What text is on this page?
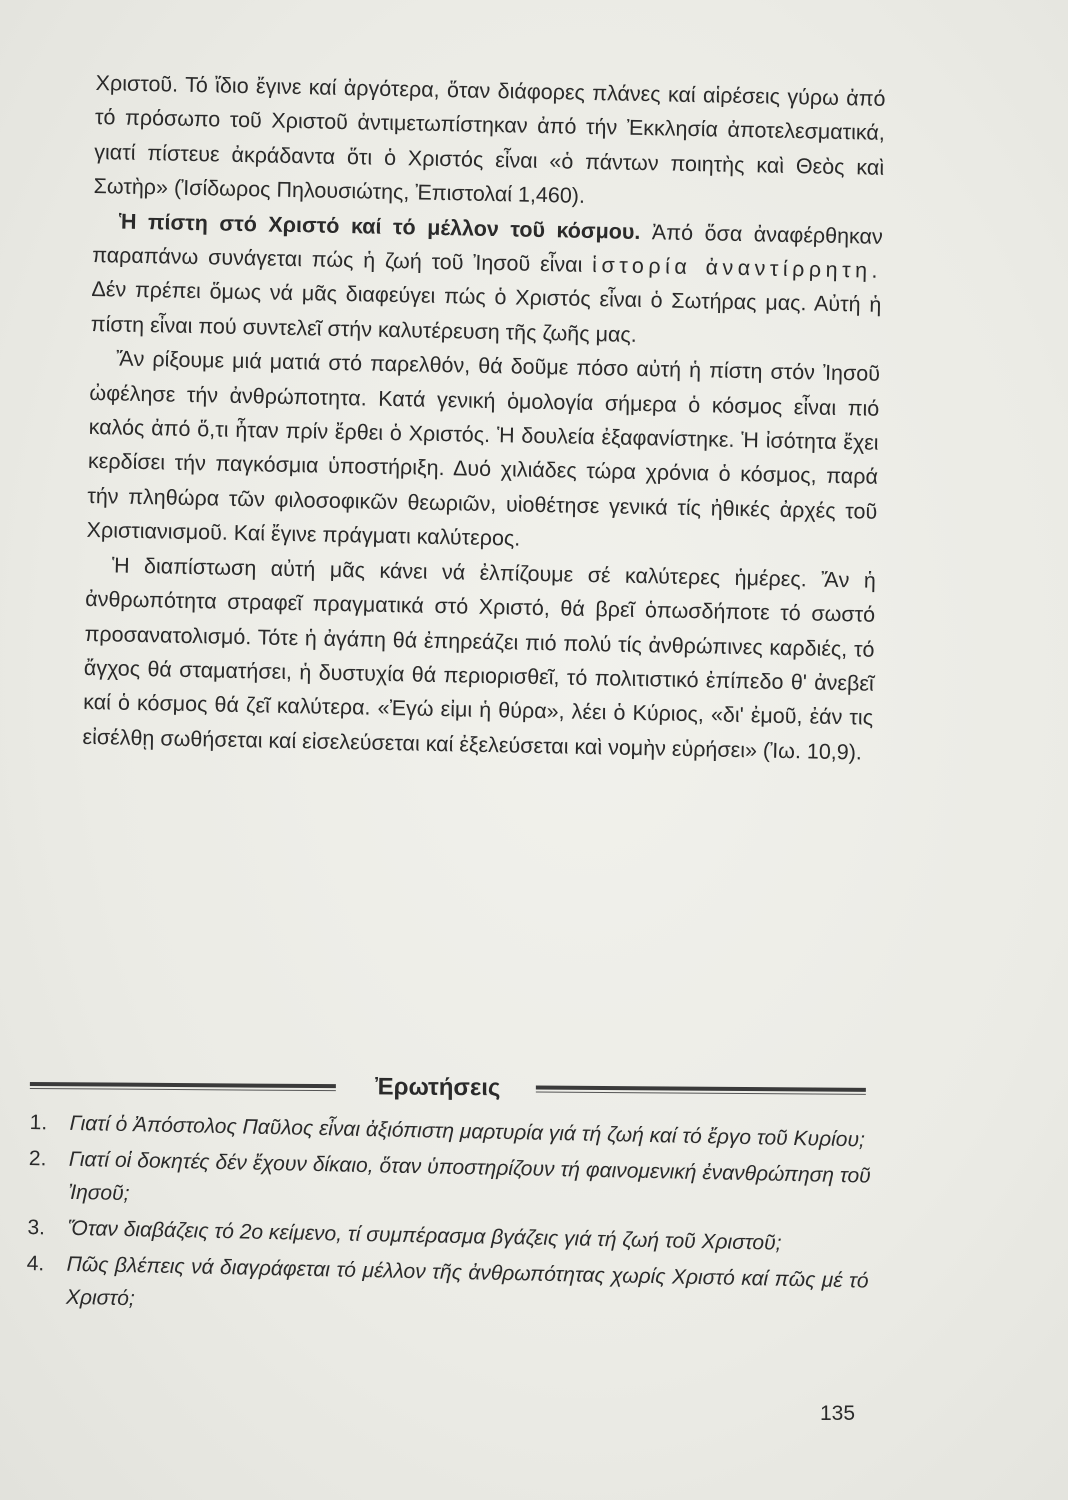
Χριστοῦ. Τό ἴδιο ἔγινε καί ἀργότερα, ὅταν διάφορες πλάνες καί αἱρέσεις γύρω ἀπό τό πρόσωπο τοῦ Χριστοῦ ἀντιμετωπίστηκαν ἀπό τήν Ἐκκλησία ἀποτελεσματικά, γιατί πίστευε ἀκράδαντα ὅτι ὁ Χριστός εἶναι «ὁ πάντων ποιητὴς καὶ Θεὸς καὶ Σωτὴρ» (Ἰσίδωρος Πηλουσιώτης, Ἐπιστολαί 1,460).

Ἡ πίστη στό Χριστό καί τό μέλλον τοῦ κόσμου. Ἀπό ὅσα ἀναφέρθηκαν παραπάνω συνάγεται πώς ἡ ζωή τοῦ Ἰησοῦ εἶναι ἱστορία ἀναντίρρητη. Δέν πρέπει ὅμως νά μᾶς διαφεύγει πώς ὁ Χριστός εἶναι ὁ Σωτήρας μας. Αὐτή ἡ πίστη εἶναι πού συντελεῖ στήν καλυτέρευση τῆς ζωῆς μας.

Ἄν ρίξουμε μιά ματιά στό παρελθόν, θά δοῦμε πόσο αὐτή ἡ πίστη στόν Ἰησοῦ ὠφέλησε τήν ἀνθρώποτητα. Κατά γενική ὁμολογία σήμερα ὁ κόσμος εἶναι πιό καλός ἀπό ὅ,τι ἦταν πρίν ἔρθει ὁ Χριστός. Ἡ δουλεία ἐξαφανίστηκε. Ἡ ἰσότητα ἔχει κερδίσει τήν παγκόσμια ὑποστήριξη. Δυό χιλιάδες τώρα χρόνια ὁ κόσμος, παρά τήν πληθώρα τῶν φιλοσοφικῶν θεωριῶν, υἱοθέτησε γενικά τίς ἠθικές ἀρχές τοῦ Χριστιανισμοῦ. Καί ἔγινε πράγματι καλύτερος.

Ἡ διαπίστωση αὐτή μᾶς κάνει νά ἐλπίζουμε σέ καλύτερες ἡμέρες. Ἄν ἡ ἀνθρωπότητα στραφεῖ πραγματικά στό Χριστό, θά βρεῖ ὁπωσδήποτε τό σωστό προσανατολισμό. Τότε ἡ ἀγάπη θά ἐπηρεάζει πιό πολύ τίς ἀνθρώπινες καρδιές, τό ἄγχος θά σταματήσει, ἡ δυστυχία θά περιορισθεῖ, τό πολιτιστικό ἐπίπεδο θ' ἀνεβεῖ καί ὁ κόσμος θά ζεῖ καλύτερα. «Ἐγώ εἰμι ἡ θύρα», λέει ὁ Κύριος, «δι' ἐμοῦ, ἐάν τις εἰσέλθῃ σωθήσεται καί εἰσελεύσεται καί ἐξελεύσεται καὶ νομὴν εὑρήσει» (Ἰω. 10,9).

Ἐρωτήσεις
1. Γιατί ὁ Ἀπόστολος Παῦλος εἶναι ἀξιόπιστη μαρτυρία γιά τή ζωή καί τό ἔργο τοῦ Κυρίου;
2. Γιατί οἱ δοκητές δέν ἔχουν δίκαιο, ὅταν ὑποστηρίζουν τή φαινομενική ἐνανθρώπηση τοῦ Ἰησοῦ;
3. Ὅταν διαβάζεις τό 2ο κείμενο, τί συμπέρασμα βγάζεις γιά τή ζωή τοῦ Χριστοῦ;
4. Πῶς βλέπεις νά διαγράφεται τό μέλλον τῆς ἀνθρωπότητας χωρίς Χριστό καί πῶς μέ τό Χριστό;
135
